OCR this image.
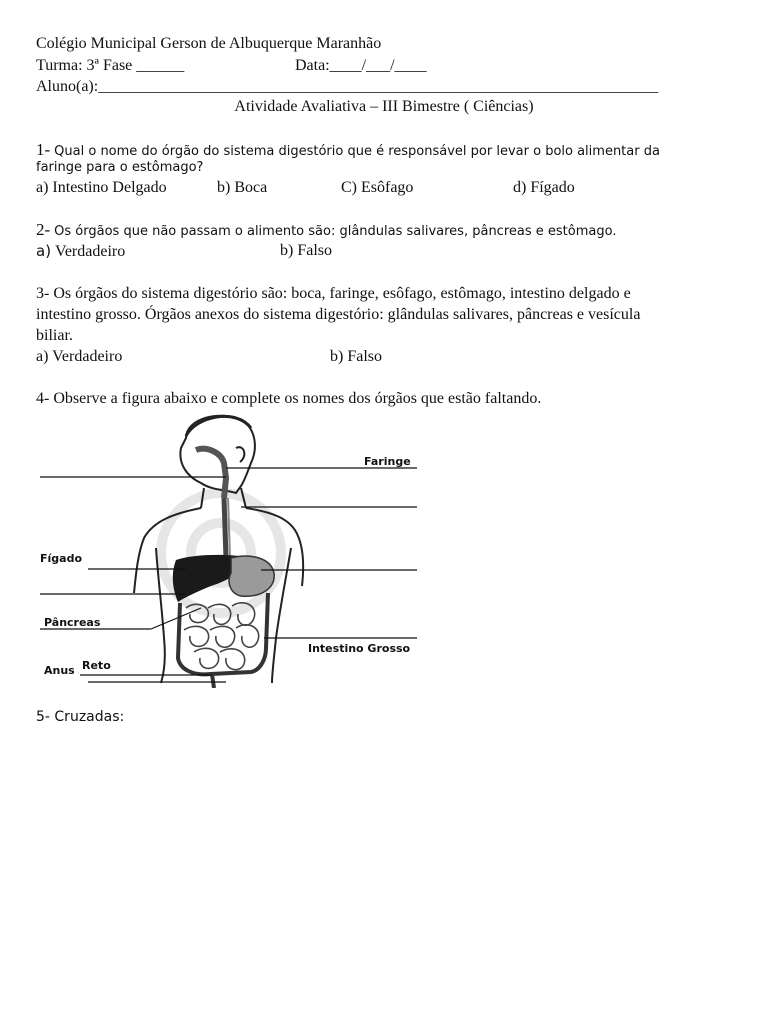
Colégio Municipal Gerson de Albuquerque Maranhão
Turma: 3ª Fase ______	Data:____/___/____
Aluno(a):______________________________________________________________________
Atividade Avaliativa – III Bimestre ( Ciências)
1- Qual o nome do órgão do sistema digestório que é responsável por levar o bolo alimentar da
faringe para o estômago?
a) Intestino Delgado	b) Boca	C) Esôfago	d) Fígado
2- Os órgãos que não passam o alimento são: glândulas salivares, pâncreas e estômago.
a) Verdadeiro	b) Falso
3- Os órgãos do sistema digestório são: boca, faringe, esôfago, estômago, intestino delgado e
intestino grosso. Órgãos anexos do sistema digestório: glândulas salivares, pâncreas e vesícula
biliar.
a) Verdadeiro	b) Falso
4- Observe a figura abaixo e complete os nomes dos órgãos que estão faltando.
Faringe
Fígado
Pâncreas
Intestino Grosso
Anus Reto
5- Cruzadas:
